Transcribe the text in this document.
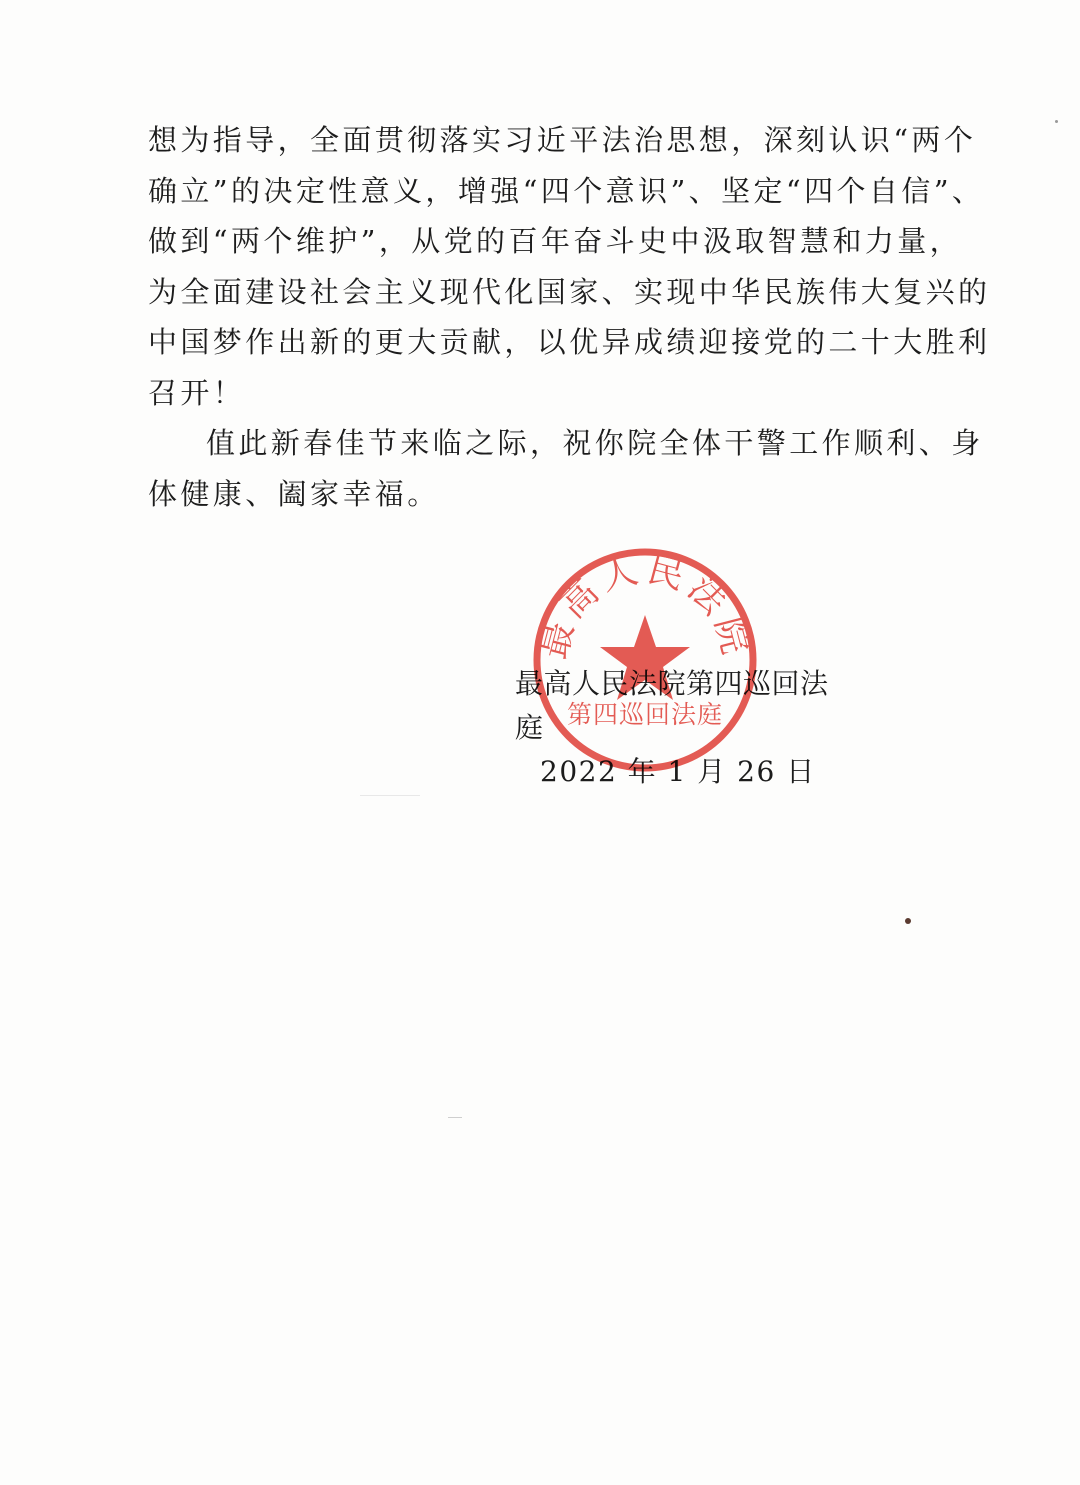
想为指导，全面贯彻落实习近平法治思想，深刻认识“两个
确立”的决定性意义，增强“四个意识”、坚定“四个自信”、
做到“两个维护”，从党的百年奋斗史中汲取智慧和力量，
为全面建设社会主义现代化国家、实现中华民族伟大复兴的
中国梦作出新的更大贡献，以优异成绩迎接党的二十大胜利
召开！
值此新春佳节来临之际，祝你院全体干警工作顺利、身
体健康、阖家幸福。
最高人民法院第四巡回法庭
2022 年 1 月 26 日
最高人民法院
第四巡回法庭
